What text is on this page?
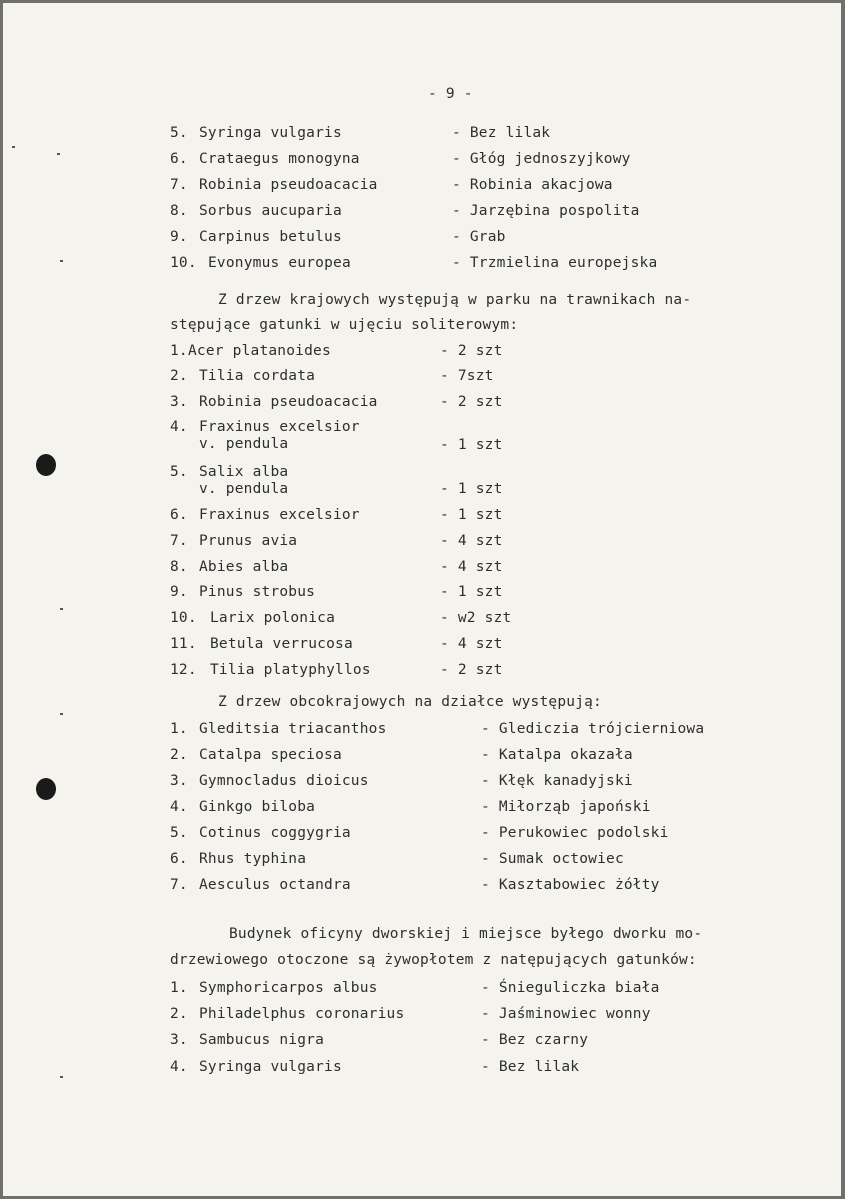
- 9 -
5. Syringa vulgaris	- Bez lilak
6. Crataegus monogyna	- Głóg jednoszyjkowy
7. Robinia pseudoacacia	- Robinia akacjowa
8. Sorbus aucuparia	- Jarzębina pospolita
9. Carpinus betulus	- Grab
10. Evonymus europea	- Trzmielina europejska
Z drzew krajowych występują w parku na trawnikach na-
stępujące gatunki w ujęciu soliterowym:
1. Acer platanoides	- 2 szt
2. Tilia cordata	- 7szt
3. Robinia pseudoacacia	- 2 szt
4. Fraxinus excelsior
v. pendula	- 1 szt
5. Salix alba
v. pendula	- 1 szt
6. Fraxinus excelsior	- 1 szt
7. Prunus avia	- 4 szt
8. Abies alba	- 4 szt
9. Pinus strobus	- 1 szt
10. Larix polonica	- w2 szt
11. Betula verrucosa	- 4 szt
12. Tilia platyphyllos	- 2 szt
Z drzew obcokrajowych na działce występują:
1. Gleditsia triacanthos	- Glediczia trójcierniowa
2. Catalpa speciosa	- Katalpa okazała
3. Gymnocladus dioicus	- Kłęk kanadyjski
4. Ginkgo biloba	- Miłorząb japoński
5. Cotinus coggygria	- Perukowiec podolski
6. Rhus typhina	- Sumak octowiec
7. Aesculus octandra	- Kasztabowiec żółty
Budynek oficyny dworskiej i miejsce byłego dworku mo-
drzewiowego otoczone są żywopłotem z natępujących gatunków:
1. Symphoricarpos albus	- Śnieguliczka biała
2. Philadelphus coronarius	- Jaśminowiec wonny
3. Sambucus nigra	- Bez czarny
4. Syringa vulgaris	- Bez lilak
